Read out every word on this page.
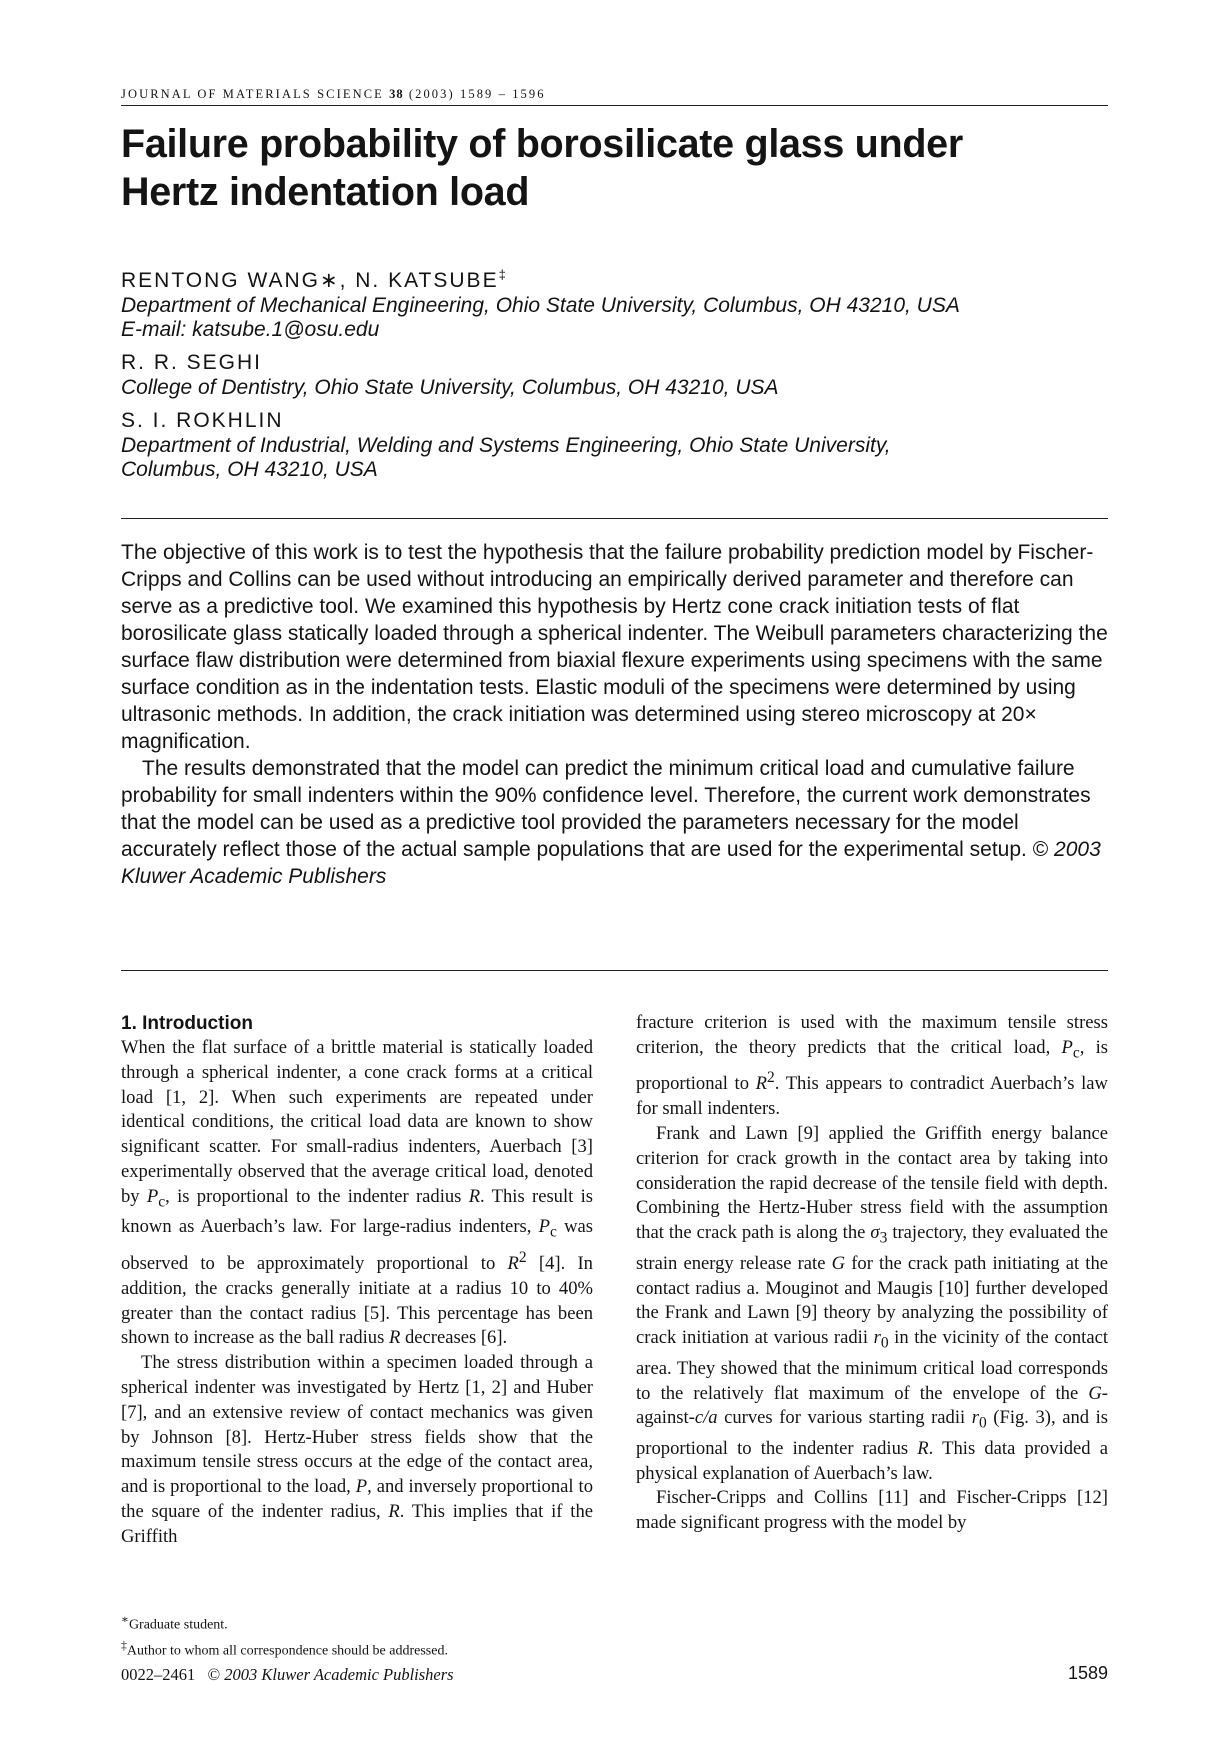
JOURNAL OF MATERIALS SCIENCE 38 (2003) 1589 – 1596
Failure probability of borosilicate glass under
Hertz indentation load
RENTONG WANG∗, N. KATSUBE‡
Department of Mechanical Engineering, Ohio State University, Columbus, OH 43210, USA
E-mail: katsube.1@osu.edu
R. R. SEGHI
College of Dentistry, Ohio State University, Columbus, OH 43210, USA
S. I. ROKHLIN
Department of Industrial, Welding and Systems Engineering, Ohio State University,
Columbus, OH 43210, USA

The objective of this work is to test the hypothesis that the failure probability prediction model by Fischer-Cripps and Collins can be used without introducing an empirically derived parameter and therefore can serve as a predictive tool. We examined this hypothesis by Hertz cone crack initiation tests of flat borosilicate glass statically loaded through a spherical indenter. The Weibull parameters characterizing the surface flaw distribution were determined from biaxial flexure experiments using specimens with the same surface condition as in the indentation tests. Elastic moduli of the specimens were determined by using ultrasonic methods. In addition, the crack initiation was determined using stereo microscopy at 20× magnification.

The results demonstrated that the model can predict the minimum critical load and cumulative failure probability for small indenters within the 90% confidence level. Therefore, the current work demonstrates that the model can be used as a predictive tool provided the parameters necessary for the model accurately reflect those of the actual sample populations that are used for the experimental setup. © 2003 Kluwer Academic Publishers

1. Introduction

When the flat surface of a brittle material is statically loaded through a spherical indenter, a cone crack forms at a critical load [1, 2]. When such experiments are repeated under identical conditions, the critical load data are known to show significant scatter. For small-radius indenters, Auerbach [3] experimentally observed that the average critical load, denoted by $P_c$, is proportional to the indenter radius R. This result is known as Auerbach’s law. For large-radius indenters, $P_c$ was observed to be approximately proportional to $R^2$ [4]. In addition, the cracks generally initiate at a radius 10 to 40% greater than the contact radius [5]. This percentage has been shown to increase as the ball radius R decreases [6].

The stress distribution within a specimen loaded through a spherical indenter was investigated by Hertz [1, 2] and Huber [7], and an extensive review of contact mechanics was given by Johnson [8]. Hertz-Huber stress fields show that the maximum tensile stress occurs at the edge of the contact area, and is proportional to the load, P, and inversely proportional to the square of the indenter radius, R. This implies that if the Griffith

fracture criterion is used with the maximum tensile stress criterion, the theory predicts that the critical load, $P_c$, is proportional to $R^2$. This appears to contradict Auerbach’s law for small indenters.

Frank and Lawn [9] applied the Griffith energy balance criterion for crack growth in the contact area by taking into consideration the rapid decrease of the tensile field with depth. Combining the Hertz-Huber stress field with the assumption that the crack path is along the $\sigma_3$ trajectory, they evaluated the strain energy release rate G for the crack path initiating at the contact radius a. Mouginot and Maugis [10] further developed the Frank and Lawn [9] theory by analyzing the possibility of crack initiation at various radii $r_0$ in the vicinity of the contact area. They showed that the minimum critical load corresponds to the relatively flat maximum of the envelope of the G-against-c/a curves for various starting radii $r_0$ (Fig. 3), and is proportional to the indenter radius R. This data provided a physical explanation of Auerbach’s law.

Fischer-Cripps and Collins [11] and Fischer-Cripps [12] made significant progress with the model by

∗Graduate student.
‡Author to whom all correspondence should be addressed.
0022–2461 © 2003 Kluwer Academic Publishers	1589
